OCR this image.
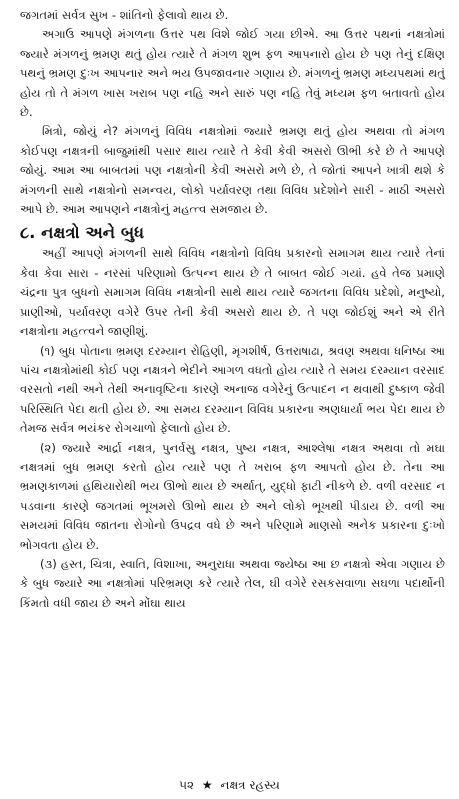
જગતમાં સર્વત્ર સુખ - શાંતિનો ફેલાવો થાય છે.

અગાઉ આપણે મંગળના ઉત્તર પથ વિશે જોઈ ગયા છીએ. આ ઉત્તર પથનાં નક્ષત્રોમાં જ્યારે મંગળનું ભ્રમણ થતું હોય ત્યારે તે મંગળ શુભ ફળ આપનારો હોય છે પણ તેનું દક્ષિણ પથનું ભ્રમણ દુઃખ આપનાર અને ભય ઉપજાવનાર ગણાય છે. મંગળનું ભ્રમણ મધ્યપથમાં થતું હોય તો તે મંગળ ખાસ ખરાબ પણ નહિ અને સારું પણ નહિ તેવું મધ્યમ ફળ બતાવતો હોય છે.

મિત્રો, જોયું ને? મંગળનું વિવિધ નક્ષત્રોમાં જ્યારે ભ્રમણ થતું હોય અથવા તો મંગળ કોઈપણ નક્ષત્રની બાજુમાંથી પસાર થાય ત્યારે તે કેવી કેવી અસરો ઊભી કરે છે તે આપણે જોયું. આમ આ બાબતમાં પણ નક્ષત્રોની કેવી અસરો મળે છે, તે જોતાં આપને ખાત્રી થશે કે મંગળની સાથે નક્ષત્રોનો સમન્વય, લોકો પર્યાવરણ તથા વિવિધ પ્રદેશોને સારી - માઠી અસરો આપે છે. આમ આપણને નક્ષત્રોનું મહત્ત્વ સમજાય છે.

૮. નક્ષત્રો અને બુધ

અહીં આપણે મંગળની સાથે વિવિધ નક્ષત્રોનો વિવિધ પ્રકારનો સમાગમ થાય ત્યારે તેનાં કેવા કેવા સારા - નરસાં પરિણામો ઉત્પન્ન થાય છે તે બાબત જોઈ ગયાં. હવે તેજ પ્રમાણે ચંદ્રના પુત્ર બુધનો સમાગમ વિવિધ નક્ષત્રોની સાથે થાય ત્યારે જગતના વિવિધ પ્રદેશો, મનુષ્યો, પ્રાણીઓ, પર્યાવરણ વગેરે ઉપર તેની કેવી અસરો થાય છે. તે પણ જોઈશું અને એ રીતે નક્ષત્રોના મહત્ત્વને જાણીશું.

(૧) બુધ પોતાના ભ્રમણ દરમ્યાન રોહિણી, મૃગશીર્ષ, ઉત્તરાષાઢા, શ્રવણ અથવા ધનિષ્ઠા આ પાંચ નક્ષત્રોમાંથી કોઈ પણ નક્ષત્રને ભેદીને આગળ વધતો હોય ત્યારે તે સમય દરમ્યાન વરસાદ વરસતો નથી અને તેથી અનાવૃષ્ટિના કારણે અનાજ વગેરેનું ઉત્પાદન ન થવાથી દુષ્કાળ જેવી પરિસ્થિતિ પેદા થતી હોય છે. આ સમય દરમ્યાન વિવિધ પ્રકારના અણધાર્યા ભય પેદા થાય છે તેમજ સર્વત્ર ભયંકર રોગચાળો ફેલાતો હોય છે.

(૨) જ્યારે આર્દ્રા નક્ષત્ર, પુનર્વસુ નક્ષત્ર, પુષ્ય નક્ષત્ર, આશ્લેષા નક્ષત્ર અથવા તો મઘા નક્ષત્રમાં બુધ ભ્રમણ કરતો હોય ત્યારે પણ તે ખરાબ ફળ આપતો હોય છે. તેના આ ભ્રમણકાળમાં હથિયારોથી ભય ઊભો થાય છે અર્થાત્, યુદ્ધો ફાટી નીકળે છે. વળી વરસાદ ન પડવાના કારણે જગતમાં ભૂખમરો ઊભો થાય છે અને લોકો ભૂખથી પીડાય છે. વળી આ સમયમાં વિવિધ જાતના રોગોનો ઉપદ્રવ વધે છે અને પરિણામે માણસો અનેક પ્રકારના દુઃખો ભોગવતા હોય છે.

(૩) હસ્ત, ચિત્રા, સ્વાતિ, વિશાખા, અનુરાધા અથવા જ્યેષ્ઠા આ છ નક્ષત્રો એવા ગણાય છે કે બુધ જ્યારે આ નક્ષત્રોમાં પરિભ્રમણ કરે ત્યારે તેલ, ઘી વગેરે રસકસવાળા સઘળા પદાર્થોની કિંમતો વધી જાય છે અને મોંઘા થાય

૫૨ ★ નક્ષત્ર રહસ્ય
